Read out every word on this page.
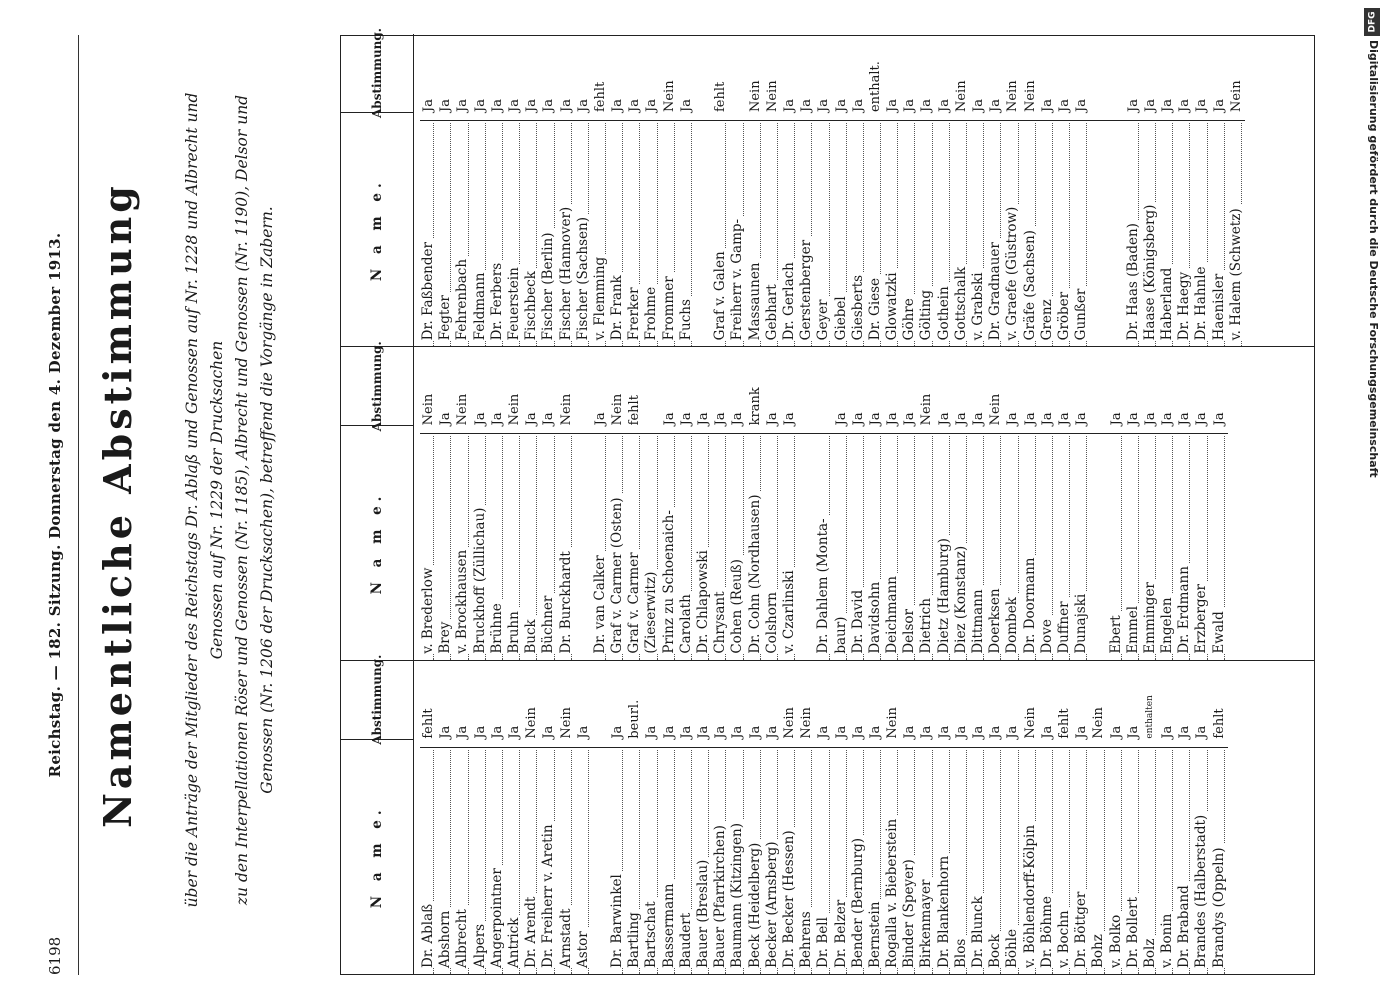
6198
Reichstag. — 182. Sitzung. Donnerstag den 4. Dezember 1913. Namentliche Abstimmung	über die Anträge der Mitglieder des Reichstags Dr. Ablaß und Genossen auf Nr. 1228 und Albrecht und Genossen auf Nr. 1229 der Drucksachen zu den Interpellationen Röser und Genossen (Nr. 1185), Albrecht und Genossen (Nr. 1190), Delsor und Genossen (Nr. 1206 der Drucksachen), betreffend die Vorgänge in Zabern.

N a m e.
Abstimmung.
Dr. Ablaß
fehlt
Abshorn
Ja
Albrecht
Ja
Alpers
Ja
Angerpointner
Ja
Antrick
Ja
Dr. Arendt
Nein
Dr. Freiherr v. Aretin
Ja
Arnstadt
Nein
Astor
Ja
Dr. Barwinkel
Ja
Bartling
beurl.
Bartschat
Ja
Bassermann
Ja
Baudert
Ja
Bauer (Breslau)
Ja
Bauer (Pfarrkirchen)
Ja
Baumann (Kitzingen)
Ja
Beck (Heidelberg)
Ja
Becker (Arnsberg)
Ja
Dr. Becker (Hessen)
Nein
Behrens
Nein
Dr. Bell
Ja
Dr. Belzer
Ja
Bender (Bernburg)
Ja
Bernstein
Ja
Rogalla v. Bieberstein
Nein
Binder (Speyer)
Ja
Birkenmayer
Ja
Dr. Blankenhorn
Ja
Blos
Ja
Dr. Blunck
Ja
Bock
Ja
Böhle
Ja
v. Böhlendorff-Kölpin
Nein
Dr. Böhme
Ja
v. Bochn
fehlt
Dr. Böttger
Ja
Bohz
Nein
v. Bolko
Ja
Dr. Bollert
Ja
Bolz
enthalten
v. Bonin
Ja
Dr. Braband
Ja
Brandes (Halberstadt)
Ja
Brandys (Oppeln)
fehlt
N a m e.
Abstimmung.
v. Brederlow
Nein
Brey
Ja
v. Brockhausen
Nein
Bruckhoff (Züllichau)
Ja
Brühne
Ja
Bruhn
Nein
Buck
Ja
Büchner
Ja
Dr. Burckhardt
Nein
Dr. van Calker
Ja
Graf v. Carmer (Osten)
Nein
Graf v. Carmer
fehlt
(Zieserwitz) Prinz zu Schoenaich-
Ja
Carolath
Ja
Dr. Chlapowski
Ja
Chrysant
Ja
Cohen (Reuß)
Ja
Dr. Cohn (Nordhausen)
krank
Colshorn
Ja
v. Czarlinski
Ja
Dr. Dahlem (Monta- baur)
Ja
Dr. David
Ja
Davidsohn
Ja
Deichmann
Ja
Delsor
Ja
Dietrich
Nein
Dietz (Hamburg)
Ja
Diez (Konstanz)
Ja
Dittmann
Ja
Doerksen
Nein
Dombek
Ja
Dr. Doormann
Ja
Dove
Ja
Duffner
Ja
Dunajski
Ja
Ebert
Ja
Emmel
Ja
Emminger
Ja
Engelen
Ja
Dr. Erdmann
Ja
Erzberger
Ja
Ewald
Ja
N a m e.
Abstimmung.
Dr. Faßbender
Ja
Fegter
Ja
Fehrenbach
Ja
Feldmann
Ja
Dr. Ferbers
Ja
Feuerstein
Ja
Fischbeck
Ja
Fischer (Berlin)
Ja
Fischer (Hannover)
Ja
Fischer (Sachsen)
Ja
v. Flemming
fehlt
Dr. Frank
Ja
Frerker
Ja
Frohme
Ja
Frommer
Nein
Fuchs
Ja
Graf v. Galen
fehlt
Freiherr v. Gamp- Massaunen
Nein
Gebhart
Nein
Dr. Gerlach
Ja
Gerstenberger
Ja
Geyer
Ja
Giebel
Ja
Giesberts
Ja
Dr. Giese
enthalt.
Glowatzki
Ja
Göhre
Ja
Gölting
Ja
Gothein
Ja
Gottschalk
Nein
v. Grabski
Ja
Dr. Gradnauer
Ja
v. Graefe (Güstrow)
Nein
Gräfe (Sachsen)
Nein
Grenz
Ja
Gröber
Ja
Gunßer
Ja
Dr. Haas (Baden)
Ja
Haase (Königsberg)
Ja
Haberland
Ja
Dr. Haegy
Ja
Dr. Hahnle
Ja
Haenisler
Ja
v. Halem (Schwetz)
Nein
DFG
Digitalisierung gefördert durch die Deutsche Forschungsgemeinschaft
